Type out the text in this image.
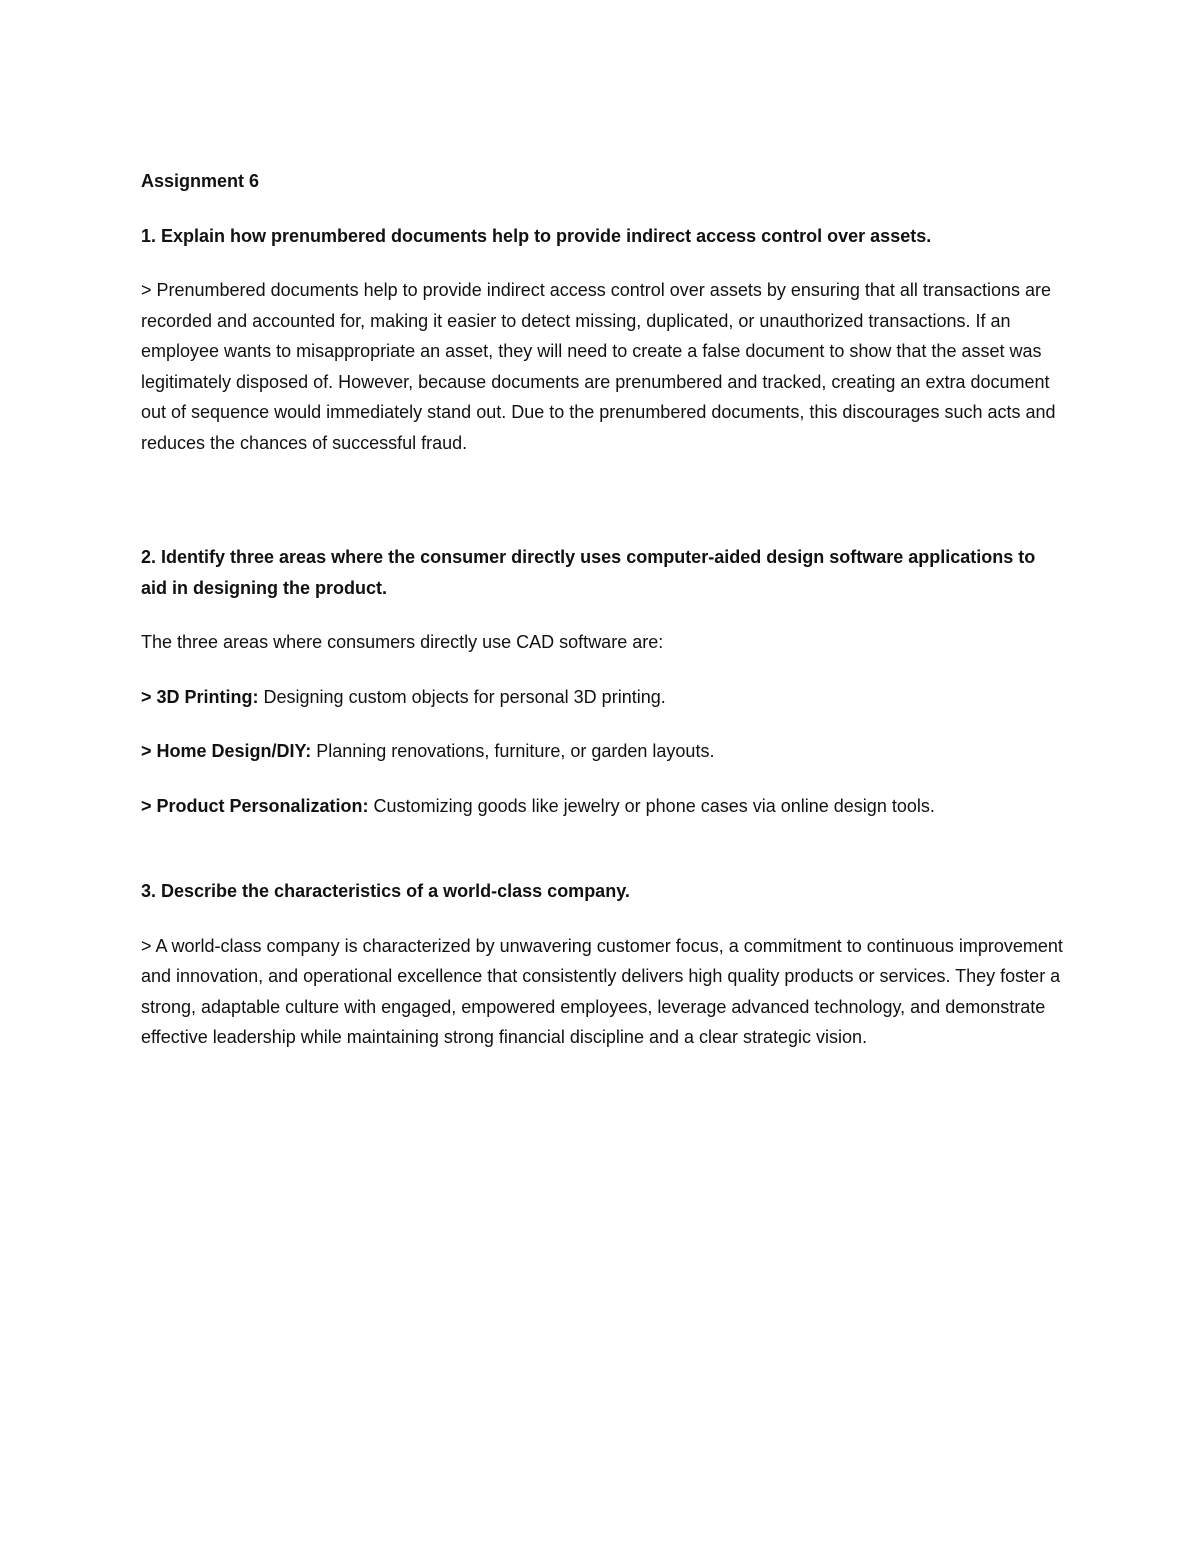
Assignment 6

1. Explain how prenumbered documents help to provide indirect access control over assets.

> Prenumbered documents help to provide indirect access control over assets by ensuring that all transactions are recorded and accounted for, making it easier to detect missing, duplicated, or unauthorized transactions. If an employee wants to misappropriate an asset, they will need to create a false document to show that the asset was legitimately disposed of. However, because documents are prenumbered and tracked, creating an extra document out of sequence would immediately stand out. Due to the prenumbered documents, this discourages such acts and reduces the chances of successful fraud.

2. Identify three areas where the consumer directly uses computer-aided design software applications to aid in designing the product.

The three areas where consumers directly use CAD software are:

> 3D Printing: Designing custom objects for personal 3D printing.

> Home Design/DIY: Planning renovations, furniture, or garden layouts.

> Product Personalization: Customizing goods like jewelry or phone cases via online design tools.

3. Describe the characteristics of a world-class company.

> A world-class company is characterized by unwavering customer focus, a commitment to continuous improvement and innovation, and operational excellence that consistently delivers high quality products or services. They foster a strong, adaptable culture with engaged, empowered employees, leverage advanced technology, and demonstrate effective leadership while maintaining strong financial discipline and a clear strategic vision.
